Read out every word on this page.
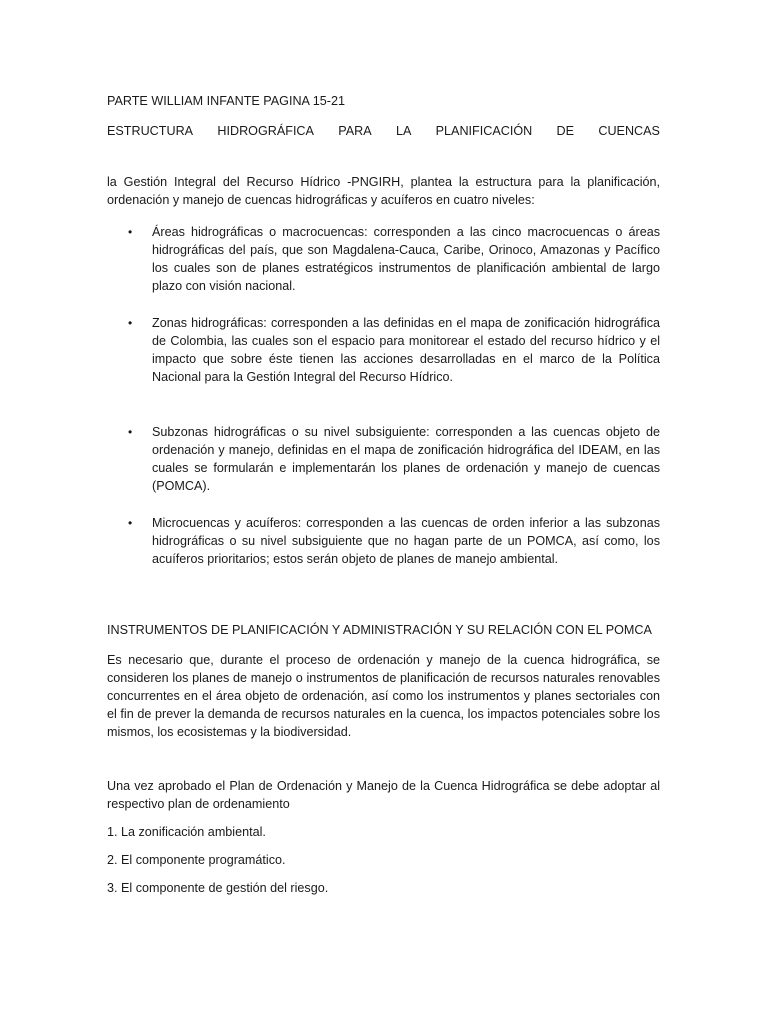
PARTE WILLIAM INFANTE PAGINA 15-21

ESTRUCTURA HIDROGRÁFICA PARA LA PLANIFICACIÓN DE CUENCAS

la Gestión Integral del Recurso Hídrico -PNGIRH, plantea la estructura para la planificación, ordenación y manejo de cuencas hidrográficas y acuíferos en cuatro niveles:

• Áreas hidrográficas o macrocuencas: corresponden a las cinco macrocuencas o áreas hidrográficas del país, que son Magdalena-Cauca, Caribe, Orinoco, Amazonas y Pacífico los cuales son de planes estratégicos instrumentos de planificación ambiental de largo plazo con visión nacional.
• Zonas hidrográficas: corresponden a las definidas en el mapa de zonificación hidrográfica de Colombia, las cuales son el espacio para monitorear el estado del recurso hídrico y el impacto que sobre éste tienen las acciones desarrolladas en el marco de la Política Nacional para la Gestión Integral del Recurso Hídrico.
• Subzonas hidrográficas o su nivel subsiguiente: corresponden a las cuencas objeto de ordenación y manejo, definidas en el mapa de zonificación hidrográfica del IDEAM, en las cuales se formularán e implementarán los planes de ordenación y manejo de cuencas (POMCA).
• Microcuencas y acuíferos: corresponden a las cuencas de orden inferior a las subzonas hidrográficas o su nivel subsiguiente que no hagan parte de un POMCA, así como, los acuíferos prioritarios; estos serán objeto de planes de manejo ambiental.

INSTRUMENTOS DE PLANIFICACIÓN Y ADMINISTRACIÓN Y SU RELACIÓN CON EL POMCA

Es necesario que, durante el proceso de ordenación y manejo de la cuenca hidrográfica, se consideren los planes de manejo o instrumentos de planificación de recursos naturales renovables concurrentes en el área objeto de ordenación, así como los instrumentos y planes sectoriales con el fin de prever la demanda de recursos naturales en la cuenca, los impactos potenciales sobre los mismos, los ecosistemas y la biodiversidad.

Una vez aprobado el Plan de Ordenación y Manejo de la Cuenca Hidrográfica se debe adoptar al respectivo plan de ordenamiento

1. La zonificación ambiental.

2. El componente programático.

3. El componente de gestión del riesgo.
